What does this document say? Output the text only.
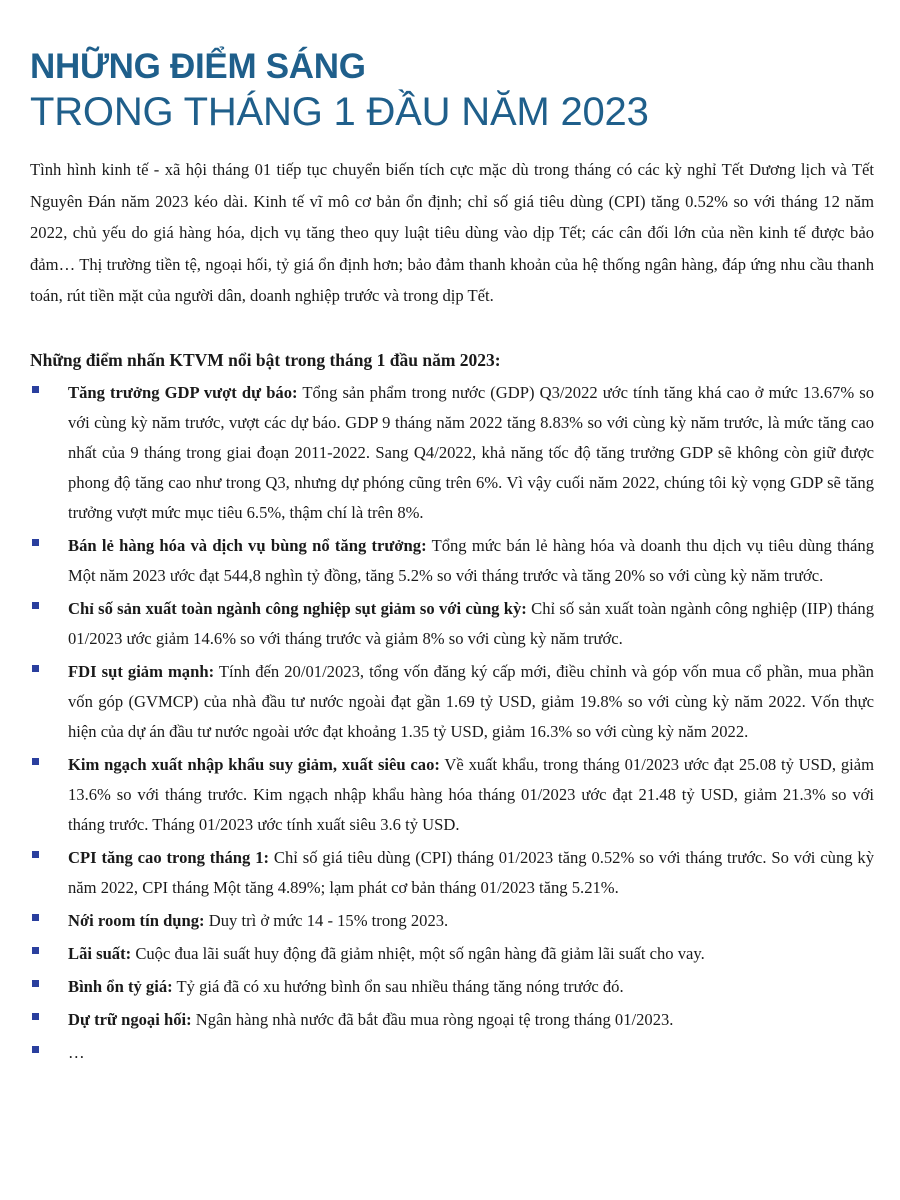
NHỮNG ĐIỂM SÁNG
TRONG THÁNG 1 ĐẦU NĂM 2023

Tình hình kinh tế - xã hội tháng 01 tiếp tục chuyển biến tích cực mặc dù trong tháng có các kỳ nghỉ Tết Dương lịch và Tết Nguyên Đán năm 2023 kéo dài. Kinh tế vĩ mô cơ bản ổn định; chỉ số giá tiêu dùng (CPI) tăng 0.52% so với tháng 12 năm 2022, chủ yếu do giá hàng hóa, dịch vụ tăng theo quy luật tiêu dùng vào dịp Tết; các cân đối lớn của nền kinh tế được bảo đảm… Thị trường tiền tệ, ngoại hối, tỷ giá ổn định hơn; bảo đảm thanh khoản của hệ thống ngân hàng, đáp ứng nhu cầu thanh toán, rút tiền mặt của người dân, doanh nghiệp trước và trong dịp Tết.

Những điểm nhấn KTVM nổi bật trong tháng 1 đầu năm 2023:
Tăng trưởng GDP vượt dự báo: Tổng sản phẩm trong nước (GDP) Q3/2022 ước tính tăng khá cao ở mức 13.67% so với cùng kỳ năm trước, vượt các dự báo. GDP 9 tháng năm 2022 tăng 8.83% so với cùng kỳ năm trước, là mức tăng cao nhất của 9 tháng trong giai đoạn 2011-2022. Sang Q4/2022, khả năng tốc độ tăng trưởng GDP sẽ không còn giữ được phong độ tăng cao như trong Q3, nhưng dự phóng cũng trên 6%. Vì vậy cuối năm 2022, chúng tôi kỳ vọng GDP sẽ tăng trưởng vượt mức mục tiêu 6.5%, thậm chí là trên 8%.
Bán lẻ hàng hóa và dịch vụ bùng nổ tăng trưởng: Tổng mức bán lẻ hàng hóa và doanh thu dịch vụ tiêu dùng tháng Một năm 2023 ước đạt 544,8 nghìn tỷ đồng, tăng 5.2% so với tháng trước và tăng 20% so với cùng kỳ năm trước.
Chỉ số sản xuất toàn ngành công nghiệp sụt giảm so với cùng kỳ: Chỉ số sản xuất toàn ngành công nghiệp (IIP) tháng 01/2023 ước giảm 14.6% so với tháng trước và giảm 8% so với cùng kỳ năm trước.
FDI sụt giảm mạnh: Tính đến 20/01/2023, tổng vốn đăng ký cấp mới, điều chỉnh và góp vốn mua cổ phần, mua phần vốn góp (GVMCP) của nhà đầu tư nước ngoài đạt gần 1.69 tỷ USD, giảm 19.8% so với cùng kỳ năm 2022. Vốn thực hiện của dự án đầu tư nước ngoài ước đạt khoảng 1.35 tỷ USD, giảm 16.3% so với cùng kỳ năm 2022.
Kim ngạch xuất nhập khẩu suy giảm, xuất siêu cao: Về xuất khẩu, trong tháng 01/2023 ước đạt 25.08 tỷ USD, giảm 13.6% so với tháng trước. Kim ngạch nhập khẩu hàng hóa tháng 01/2023 ước đạt 21.48 tỷ USD, giảm 21.3% so với tháng trước. Tháng 01/2023 ước tính xuất siêu 3.6 tỷ USD.
CPI tăng cao trong tháng 1: Chỉ số giá tiêu dùng (CPI) tháng 01/2023 tăng 0.52% so với tháng trước. So với cùng kỳ năm 2022, CPI tháng Một tăng 4.89%; lạm phát cơ bản tháng 01/2023 tăng 5.21%.
Nới room tín dụng: Duy trì ở mức 14 - 15% trong 2023.
Lãi suất: Cuộc đua lãi suất huy động đã giảm nhiệt, một số ngân hàng đã giảm lãi suất cho vay.
Bình ổn tỷ giá: Tỷ giá đã có xu hướng bình ổn sau nhiều tháng tăng nóng trước đó.
Dự trữ ngoại hối: Ngân hàng nhà nước đã bắt đầu mua ròng ngoại tệ trong tháng 01/2023.
…
